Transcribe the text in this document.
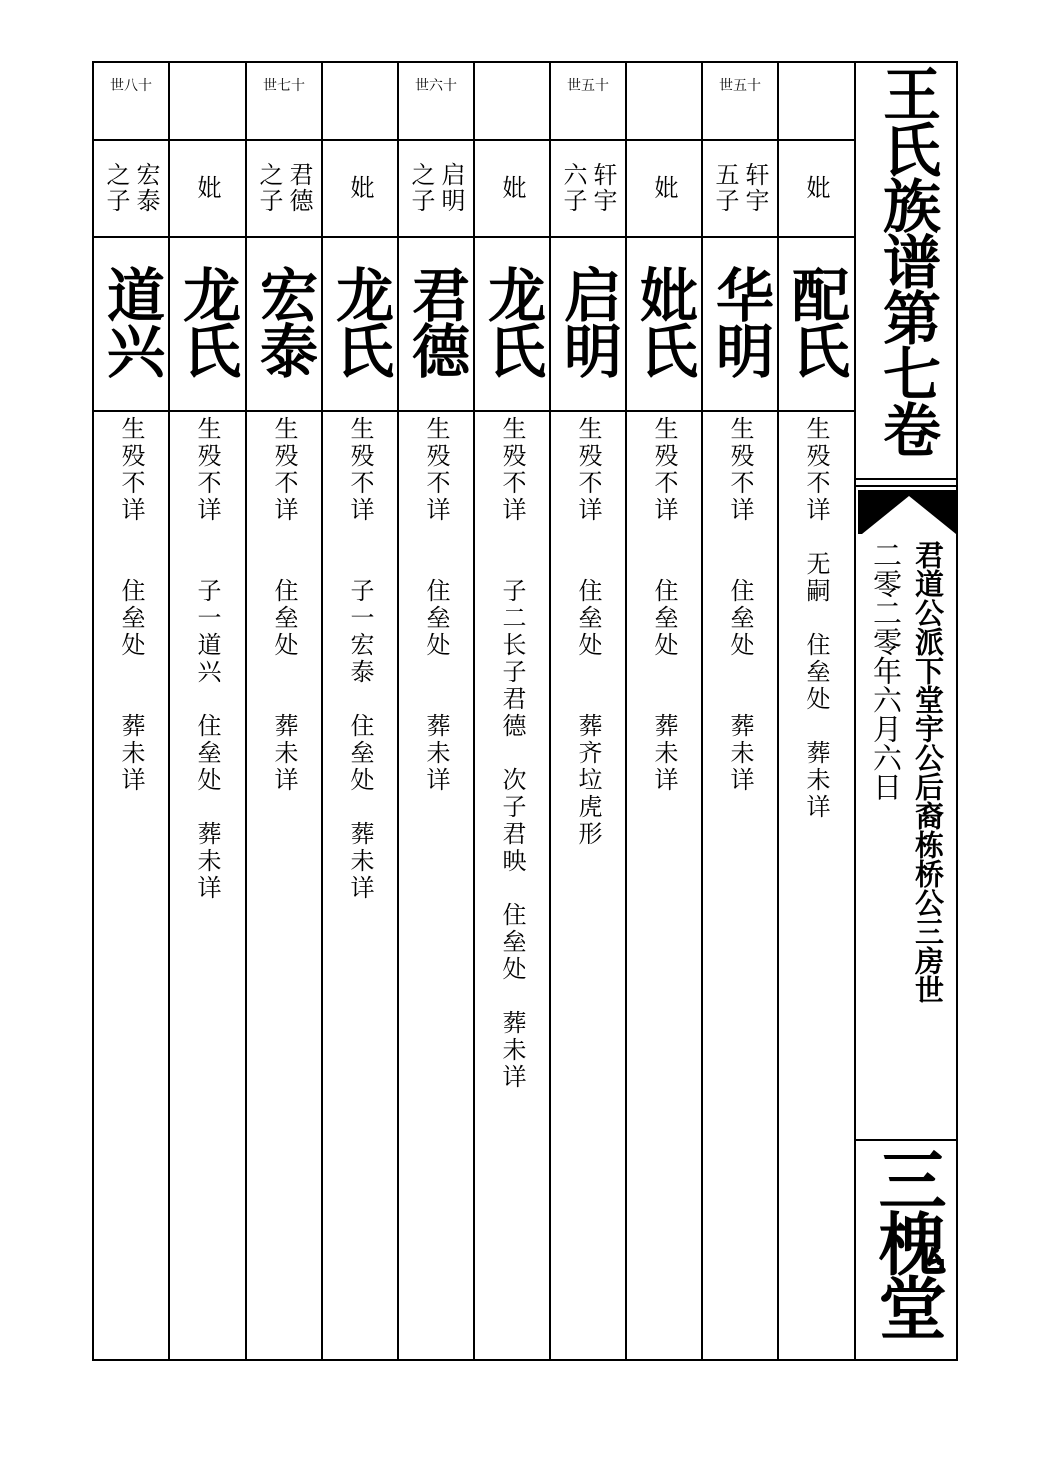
妣
配氏
生殁不详　无嗣　住垒处　葬未详
世五十
轩宇
五子
华明
生殁不详　　住垒处　　葬未详
妣
妣氏
生殁不详　　住垒处　　葬未详
世五十
轩宇
六子
启明
生殁不详　　住垒处　　葬齐垃虎形
妣
龙氏
生殁不详　　子二长子君德　次子君映　住垒处　葬未详
世六十
启明
之子
君德
生殁不详　　住垒处　　葬未详
妣
龙氏
生殁不详　　子一宏泰　住垒处　葬未详
世七十
君德
之子
宏泰
生殁不详　　住垒处　　葬未详
妣
龙氏
生殁不详　　子一道兴　住垒处　葬未详
世八十
宏泰
之子
道兴
生殁不详　　住垒处　　葬未详
王氏族谱第七卷
君道公派下堂宇公后裔栋桥公三房世
二零二零年六月六日
三槐堂
